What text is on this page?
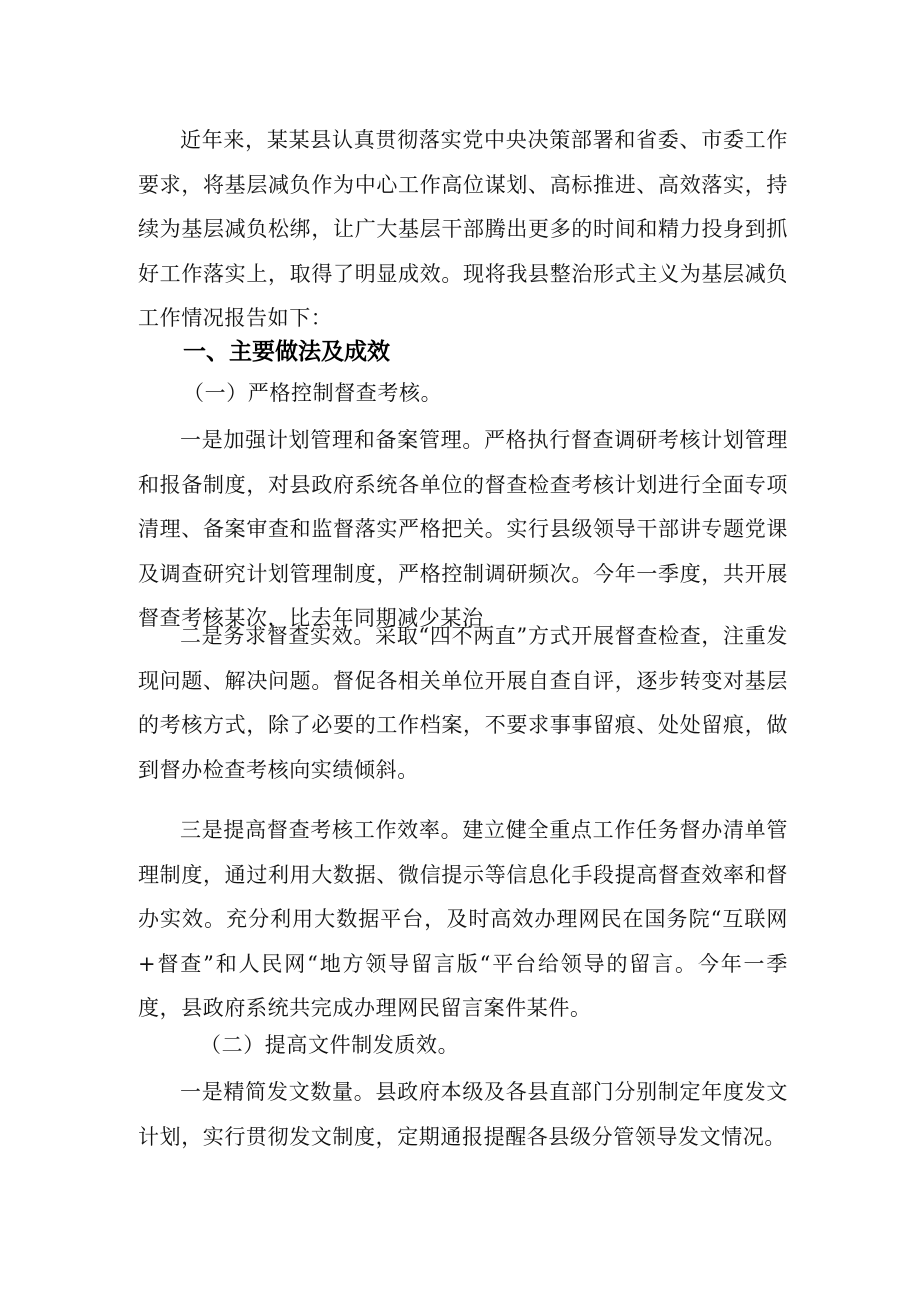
近年来，某某县认真贯彻落实党中央决策部署和省委、市委工作要求，将基层减负作为中心工作高位谋划、高标推进、高效落实，持续为基层减负松绑，让广大基层干部腾出更多的时间和精力投身到抓好工作落实上，取得了明显成效。现将我县整治形式主义为基层减负工作情况报告如下：

一、主要做法及成效

（一）严格控制督查考核。

一是加强计划管理和备案管理。严格执行督查调研考核计划管理和报备制度，对县政府系统各单位的督查检查考核计划进行全面专项清理、备案审查和监督落实严格把关。实行县级领导干部讲专题党课及调查研究计划管理制度，严格控制调研频次。今年一季度，共开展督查考核某次，比去年同期减少某治

二是务求督查实效。采取“四不两直”方式开展督查检查，注重发现问题、解决问题。督促各相关单位开展自查自评，逐步转变对基层的考核方式，除了必要的工作档案，不要求事事留痕、处处留痕，做到督办检查考核向实绩倾斜。

三是提高督查考核工作效率。建立健全重点工作任务督办清单管理制度，通过利用大数据、微信提示等信息化手段提高督查效率和督办实效。充分利用大数据平台，及时高效办理网民在国务院“互联网+督查”和人民网“地方领导留言版“平台给领导的留言。今年一季度，县政府系统共完成办理网民留言案件某件。

（二）提高文件制发质效。

一是精简发文数量。县政府本级及各县直部门分别制定年度发文计划，实行贯彻发文制度，定期通报提醒各县级分管领导发文情况。
